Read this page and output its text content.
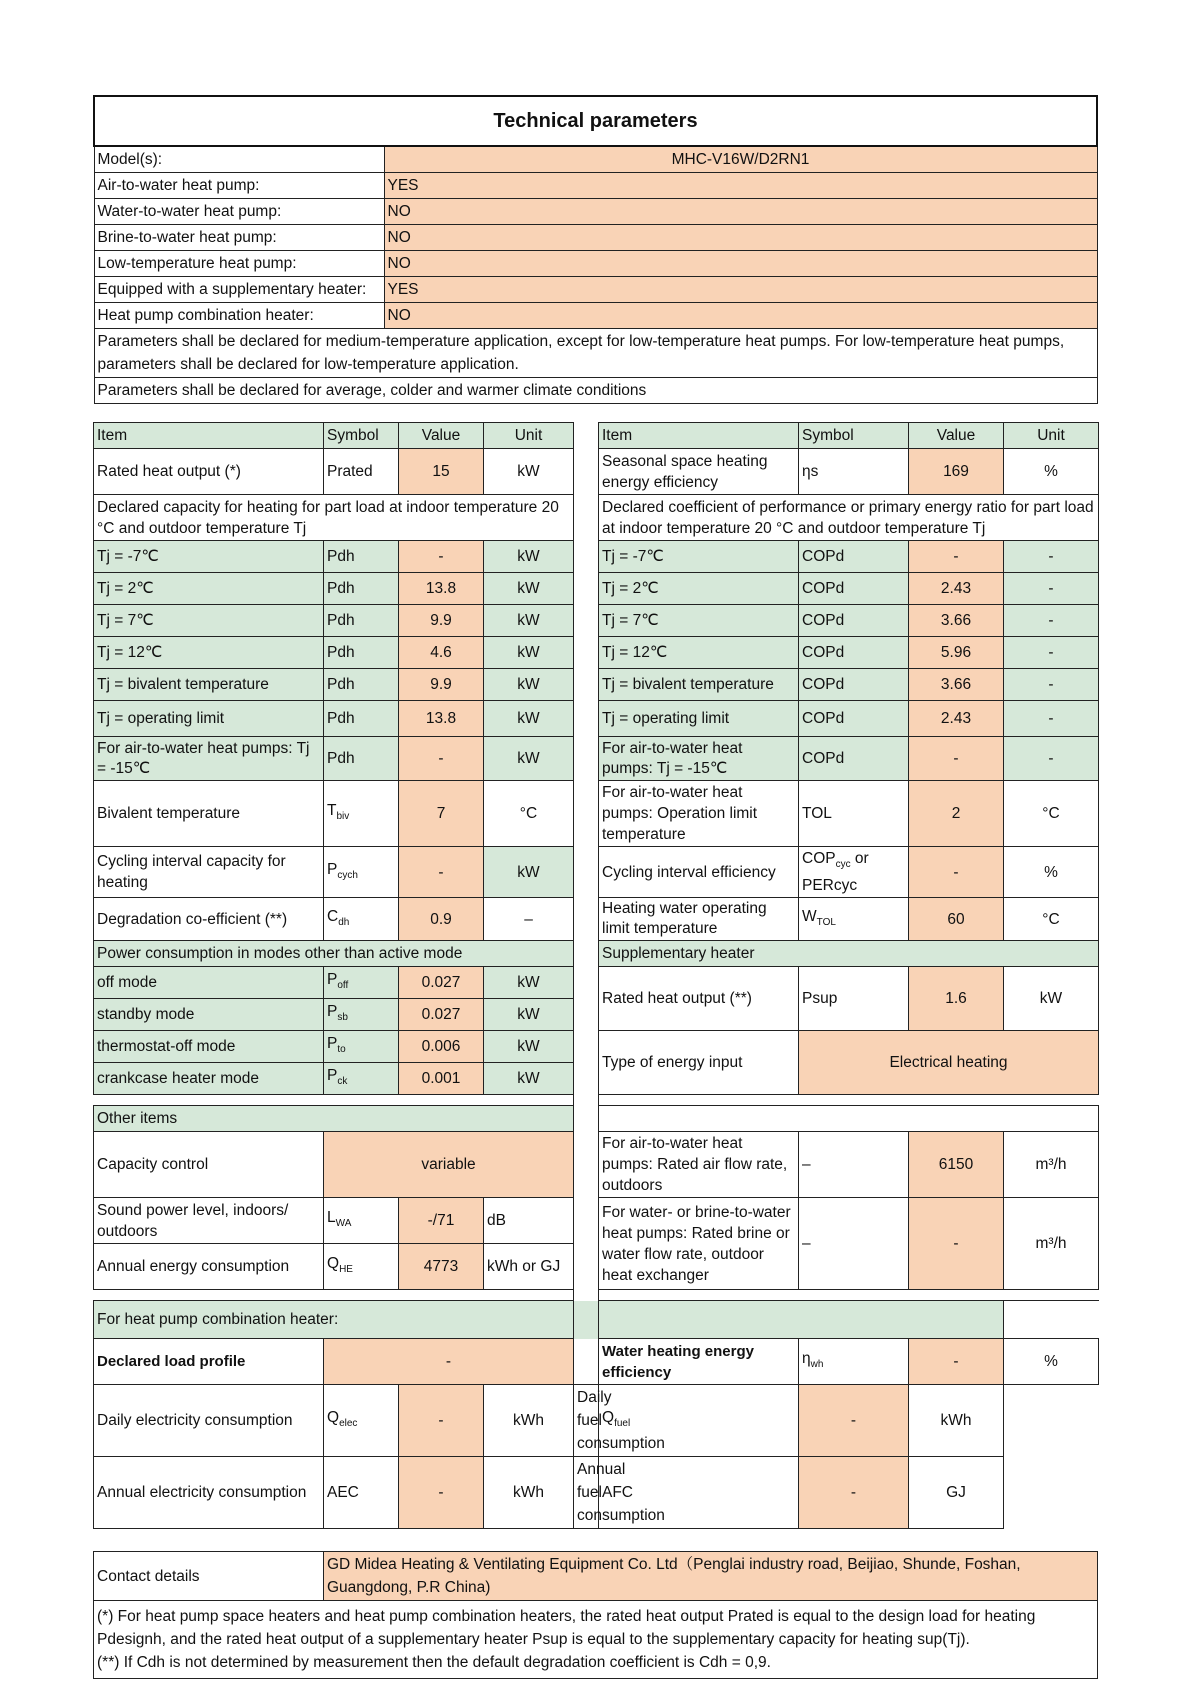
Technical parameters	
Model(s):	MHC-V16W/D2RN1
Air-to-water heat pump:	YES
Water-to-water heat pump:	NO
Brine-to-water heat pump:	NO
Low-temperature heat pump:	NO
Equipped with a supplementary heater:	YES
Heat pump combination heater:	NO
Parameters shall be declared for medium-temperature application, except for low-temperature heat pumps. For low-temperature heat pumps, parameters shall be declared for low-temperature application.	
Parameters shall be declared for average, colder and warmer climate conditions	
Item	Symbol	Value	Unit		Item	Symbol	Value	Unit
Rated heat output (*)	Prated	15	kW		Seasonal space heating energy efficiency	ηs	169	%
Declared capacity for heating for part load at indoor temperature 20 °C and outdoor temperature Tj					Declared coefficient of performance or primary energy ratio for part load at indoor temperature 20 °C and outdoor temperature Tj			
Tj = -7℃	Pdh	-	kW		Tj = -7℃	COPd	-	-
Tj = 2℃	Pdh	13.8	kW		Tj = 2℃	COPd	2.43	-
Tj = 7℃	Pdh	9.9	kW		Tj = 7℃	COPd	3.66	-
Tj = 12℃	Pdh	4.6	kW		Tj = 12℃	COPd	5.96	-
Tj = bivalent temperature	Pdh	9.9	kW		Tj = bivalent temperature	COPd	3.66	-
Tj = operating limit	Pdh	13.8	kW		Tj = operating limit	COPd	2.43	-
For air-to-water heat pumps: Tj = -15℃	Pdh	-	kW		For air-to-water heat pumps: Tj = -15℃	COPd	-	-
Bivalent temperature	$T_{biv}$	7	°C		For air-to-water heat pumps: Operation limit temperature	TOL	2	°C
Cycling interval capacity for heating	$P_{cych}$	-	kW		Cycling interval efficiency	$COP_{cyc}$ or PERcyc	-	%
Degradation co-efficient (**)	$C_{dh}$	0.9	–		Heating water operating limit temperature	$W_{TOL}$	60	°C
Power consumption in modes other than active mode					Supplementary heater			
off mode	$P_{off}$	0.027	kW		Rated heat output (**)	Psup	1.6	kW
standby mode	$P_{sb}$	0.027	kW					
thermostat-off mode	$P_{to}$	0.006	kW		Type of energy input	Electrical heating		
crankcase heater mode	$P_{ck}$	0.001	kW					

Other items								
Capacity control	variable				For air-to-water heat pumps: Rated air flow rate, outdoors	–	6150	m³/h
Sound power level, indoors/ outdoors	$L_{WA}$	-/71	dB		For water- or brine-to-water heat pumps: Rated brine or water flow rate, outdoor heat exchanger	–	-	m³/h
Annual energy consumption	$Q_{HE}$	4773	kWh or GJ					

For heat pump combination heater:								
Declared load profile	-				Water heating energy efficiency	$\eta_{wh}$	-	%
Daily electricity consumption	$Q_{elec}$	-	kWh	Daily fuel consumption	$Q_{fuel}$	-	kWh	
Annual electricity consumption	AEC	-	kWh	Annual fuel consumption	AFC	-	GJ	
Contact details	GD Midea Heating & Ventilating Equipment Co. Ltd（Penglai industry road, Beijiao, Shunde, Foshan, Guangdong, P.R China)

(*) For heat pump space heaters and heat pump combination heaters, the rated heat output Prated is equal to the design load for heating Pdesignh, and the rated heat output of a supplementary heater Psup is equal to the supplementary capacity for heating sup(Tj).
(**) If Cdh is not determined by measurement then the default degradation coefficient is Cdh = 0,9.
